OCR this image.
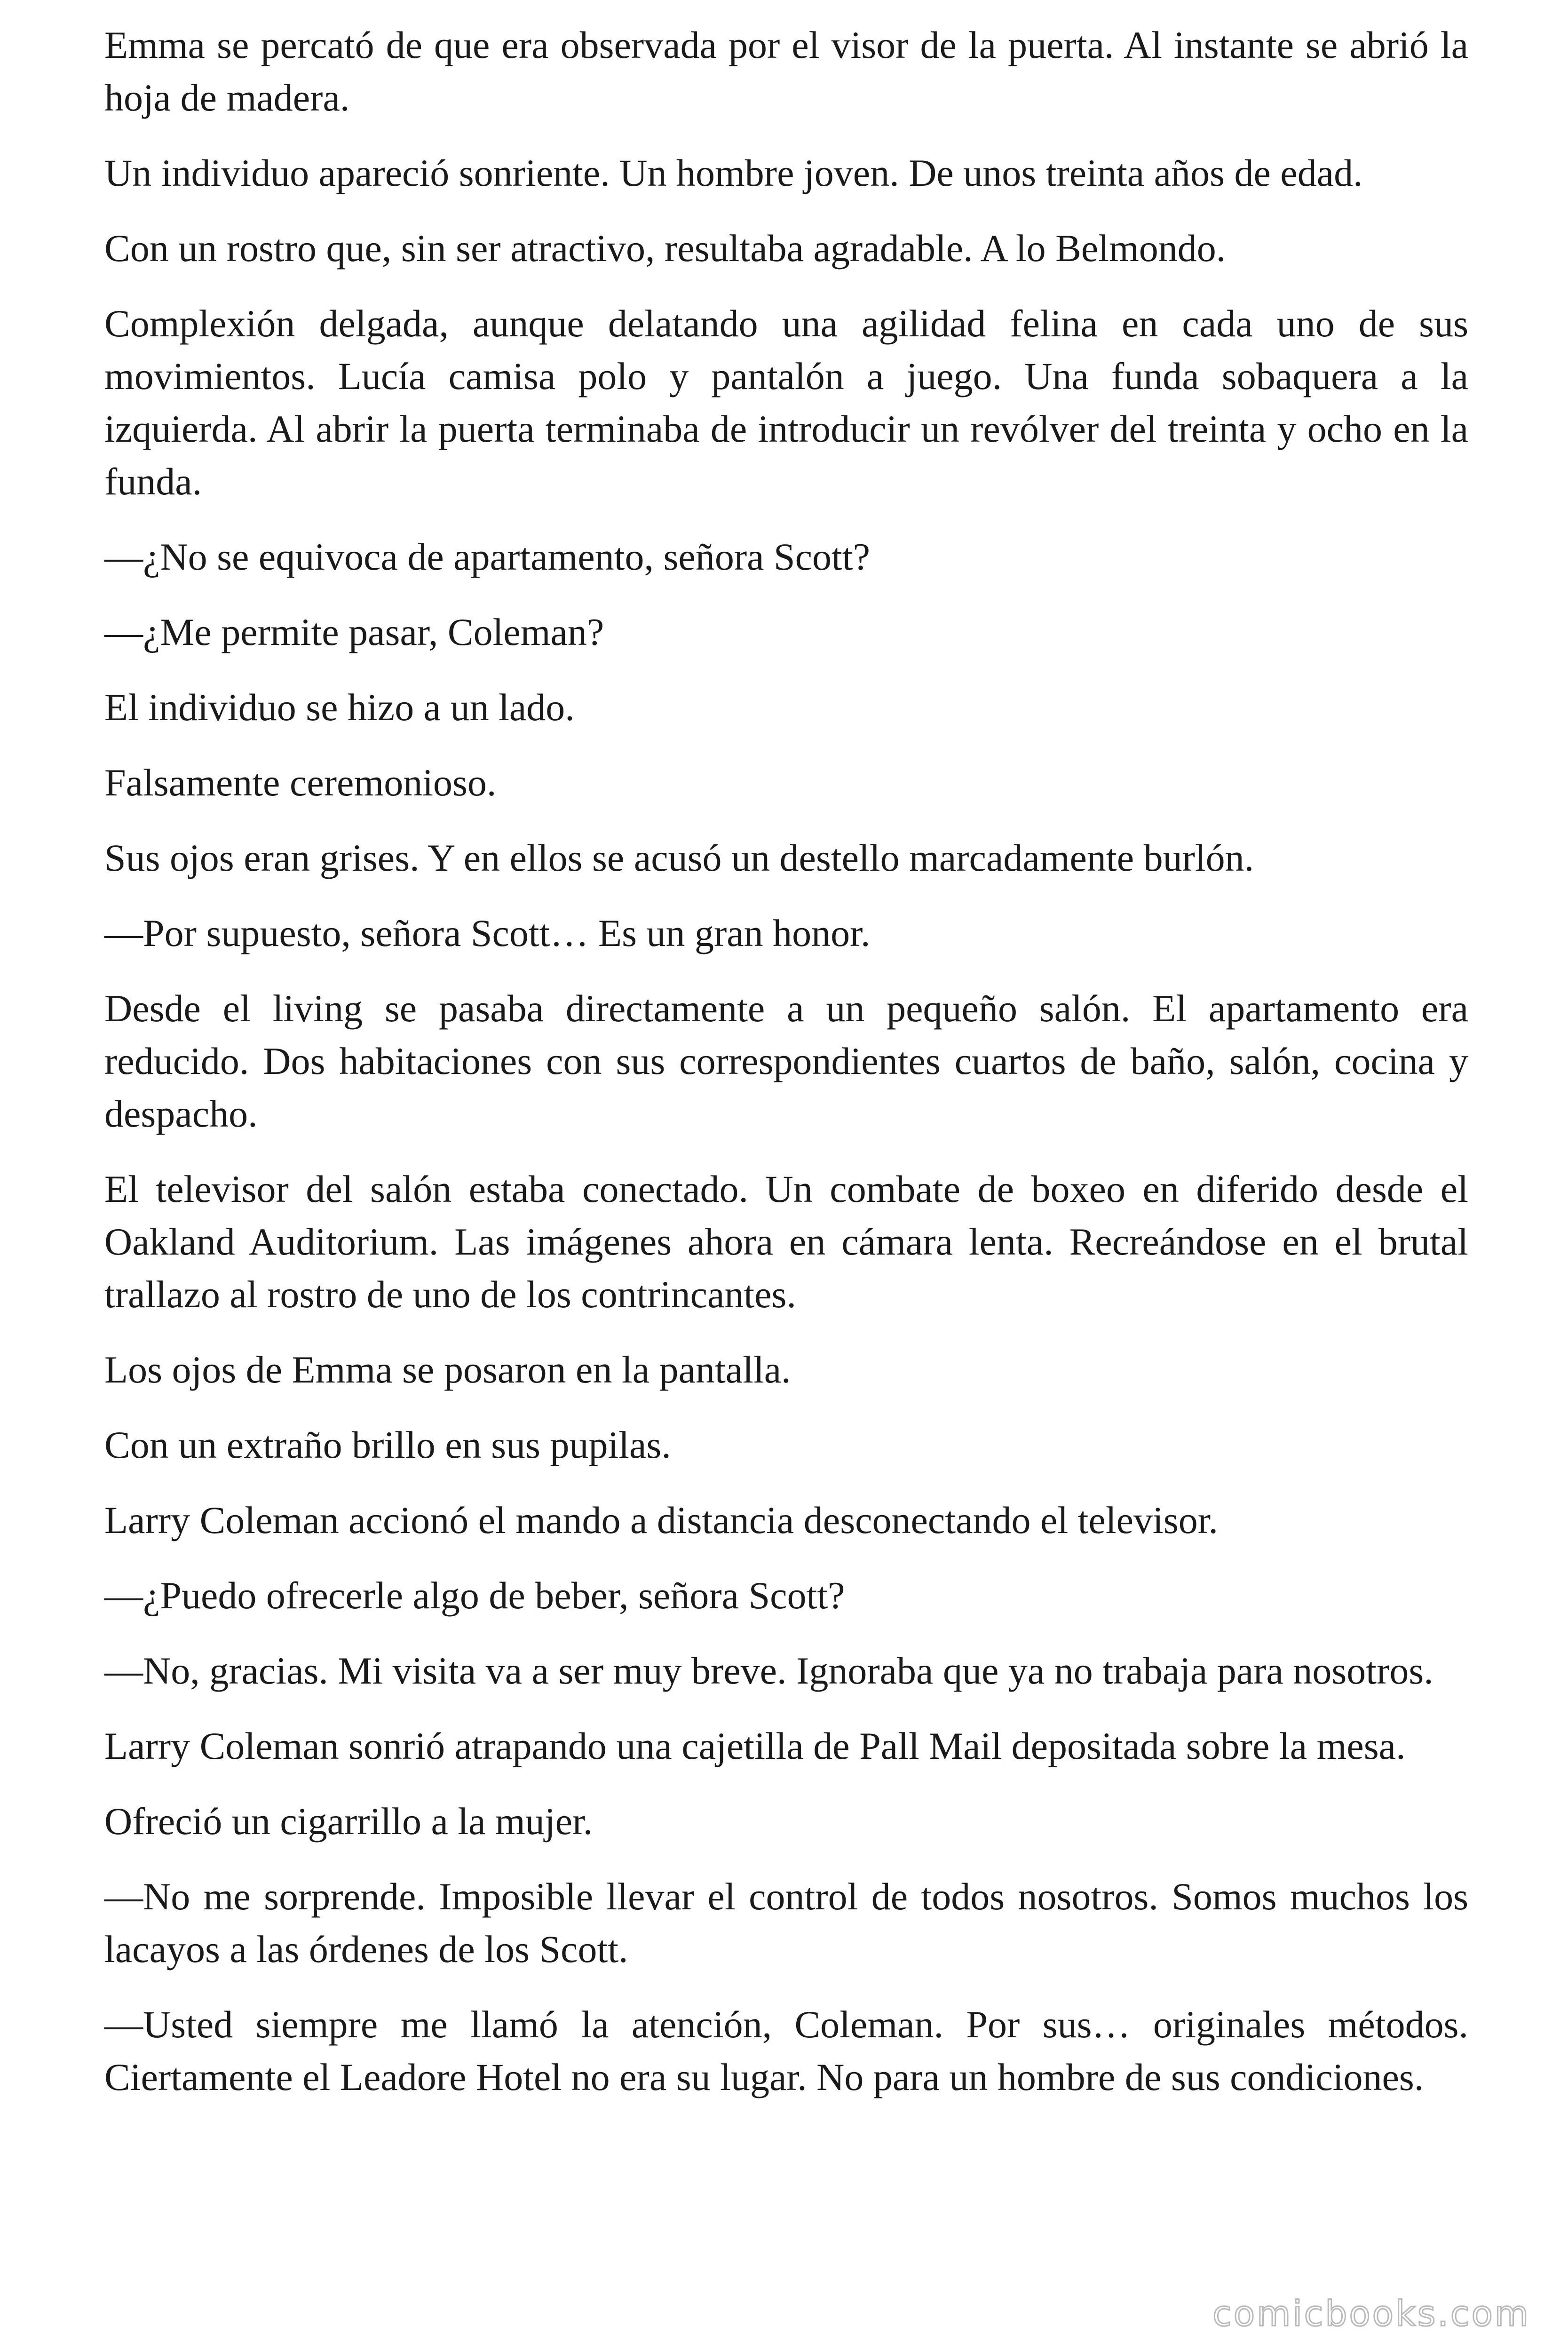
Emma se percató de que era observada por el visor de la puerta. Al instante se abrió la hoja de madera.

Un individuo apareció sonriente. Un hombre joven. De unos treinta años de edad.

Con un rostro que, sin ser atractivo, resultaba agradable. A lo Belmondo.

Complexión delgada, aunque delatando una agilidad felina en cada uno de sus movimientos. Lucía camisa polo y pantalón a juego. Una funda sobaquera a la izquierda. Al abrir la puerta terminaba de introducir un revólver del treinta y ocho en la funda.

—¿No se equivoca de apartamento, señora Scott?

—¿Me permite pasar, Coleman?

El individuo se hizo a un lado.

Falsamente ceremonioso.

Sus ojos eran grises. Y en ellos se acusó un destello marcadamente burlón.

—Por supuesto, señora Scott… Es un gran honor.

Desde el living se pasaba directamente a un pequeño salón. El apartamento era reducido. Dos habitaciones con sus correspondientes cuartos de baño, salón, cocina y despacho.

El televisor del salón estaba conectado. Un combate de boxeo en diferido desde el Oakland Auditorium. Las imágenes ahora en cámara lenta. Recreándose en el brutal trallazo al rostro de uno de los contrincantes.

Los ojos de Emma se posaron en la pantalla.

Con un extraño brillo en sus pupilas.

Larry Coleman accionó el mando a distancia desconectando el televisor.

—¿Puedo ofrecerle algo de beber, señora Scott?

—No, gracias. Mi visita va a ser muy breve. Ignoraba que ya no trabaja para nosotros.

Larry Coleman sonrió atrapando una cajetilla de Pall Mail depositada sobre la mesa.

Ofreció un cigarrillo a la mujer.

—No me sorprende. Imposible llevar el control de todos nosotros. Somos muchos los lacayos a las órdenes de los Scott.

—Usted siempre me llamó la atención, Coleman. Por sus… originales métodos. Ciertamente el Leadore Hotel no era su lugar. No para un hombre de sus condiciones.

comicbooks.com
